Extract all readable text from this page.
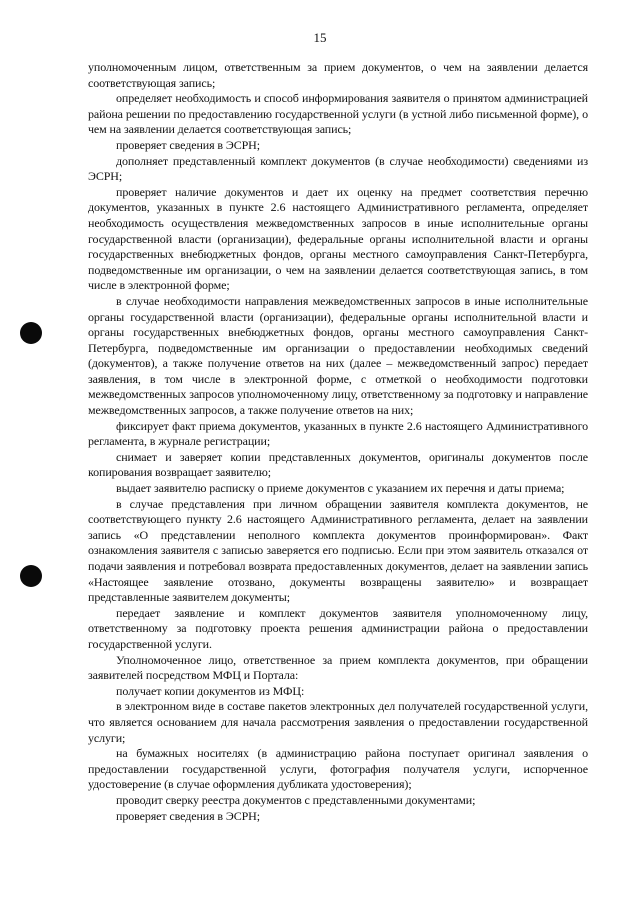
15

уполномоченным лицом, ответственным за прием документов, о чем на заявлении делается соответствующая запись;

определяет необходимость и способ информирования заявителя о принятом администрацией района решении по предоставлению государственной услуги (в устной либо письменной форме), о чем на заявлении делается соответствующая запись;

проверяет сведения в ЭСРН;

дополняет представленный комплект документов (в случае необходимости) сведениями из ЭСРН;

проверяет наличие документов и дает их оценку на предмет соответствия перечню документов, указанных в пункте 2.6 настоящего Административного регламента, определяет необходимость осуществления межведомственных запросов в иные исполнительные органы государственной власти (организации), федеральные органы исполнительной власти и органы государственных внебюджетных фондов, органы местного самоуправления Санкт-Петербурга, подведомственные им организации, о чем на заявлении делается соответствующая запись, в том числе в электронной форме;

в случае необходимости направления межведомственных запросов в иные исполнительные органы государственной власти (организации), федеральные органы исполнительной власти и органы государственных внебюджетных фондов, органы местного самоуправления Санкт-Петербурга, подведомственные им организации о предоставлении необходимых сведений (документов), а также получение ответов на них (далее – межведомственный запрос) передает заявления, в том числе в электронной форме, с отметкой о необходимости подготовки межведомственных запросов уполномоченному лицу, ответственному за подготовку и направление межведомственных запросов, а также получение ответов на них;

фиксирует факт приема документов, указанных в пункте 2.6 настоящего Административного регламента, в журнале регистрации;

снимает и заверяет копии представленных документов, оригиналы документов после копирования возвращает заявителю;

выдает заявителю расписку о приеме документов с указанием их перечня и даты приема;

в случае представления при личном обращении заявителя комплекта документов, не соответствующего пункту 2.6 настоящего Административного регламента, делает на заявлении запись «О представлении неполного комплекта документов проинформирован». Факт ознакомления заявителя с записью заверяется его подписью. Если при этом заявитель отказался от подачи заявления и потребовал возврата предоставленных документов, делает на заявлении запись «Настоящее заявление отозвано, документы возвращены заявителю» и возвращает представленные заявителем документы;

передает заявление и комплект документов заявителя уполномоченному лицу, ответственному за подготовку проекта решения администрации района о предоставлении государственной услуги.

Уполномоченное лицо, ответственное за прием комплекта документов, при обращении заявителей посредством МФЦ и Портала:

получает копии документов из МФЦ:

в электронном виде в составе пакетов электронных дел получателей государственной услуги, что является основанием для начала рассмотрения заявления о предоставлении государственной услуги;

на бумажных носителях (в администрацию района поступает оригинал заявления о предоставлении государственной услуги, фотография получателя услуги, испорченное удостоверение (в случае оформления дубликата удостоверения);

проводит сверку реестра документов с представленными документами;

проверяет сведения в ЭСРН;
